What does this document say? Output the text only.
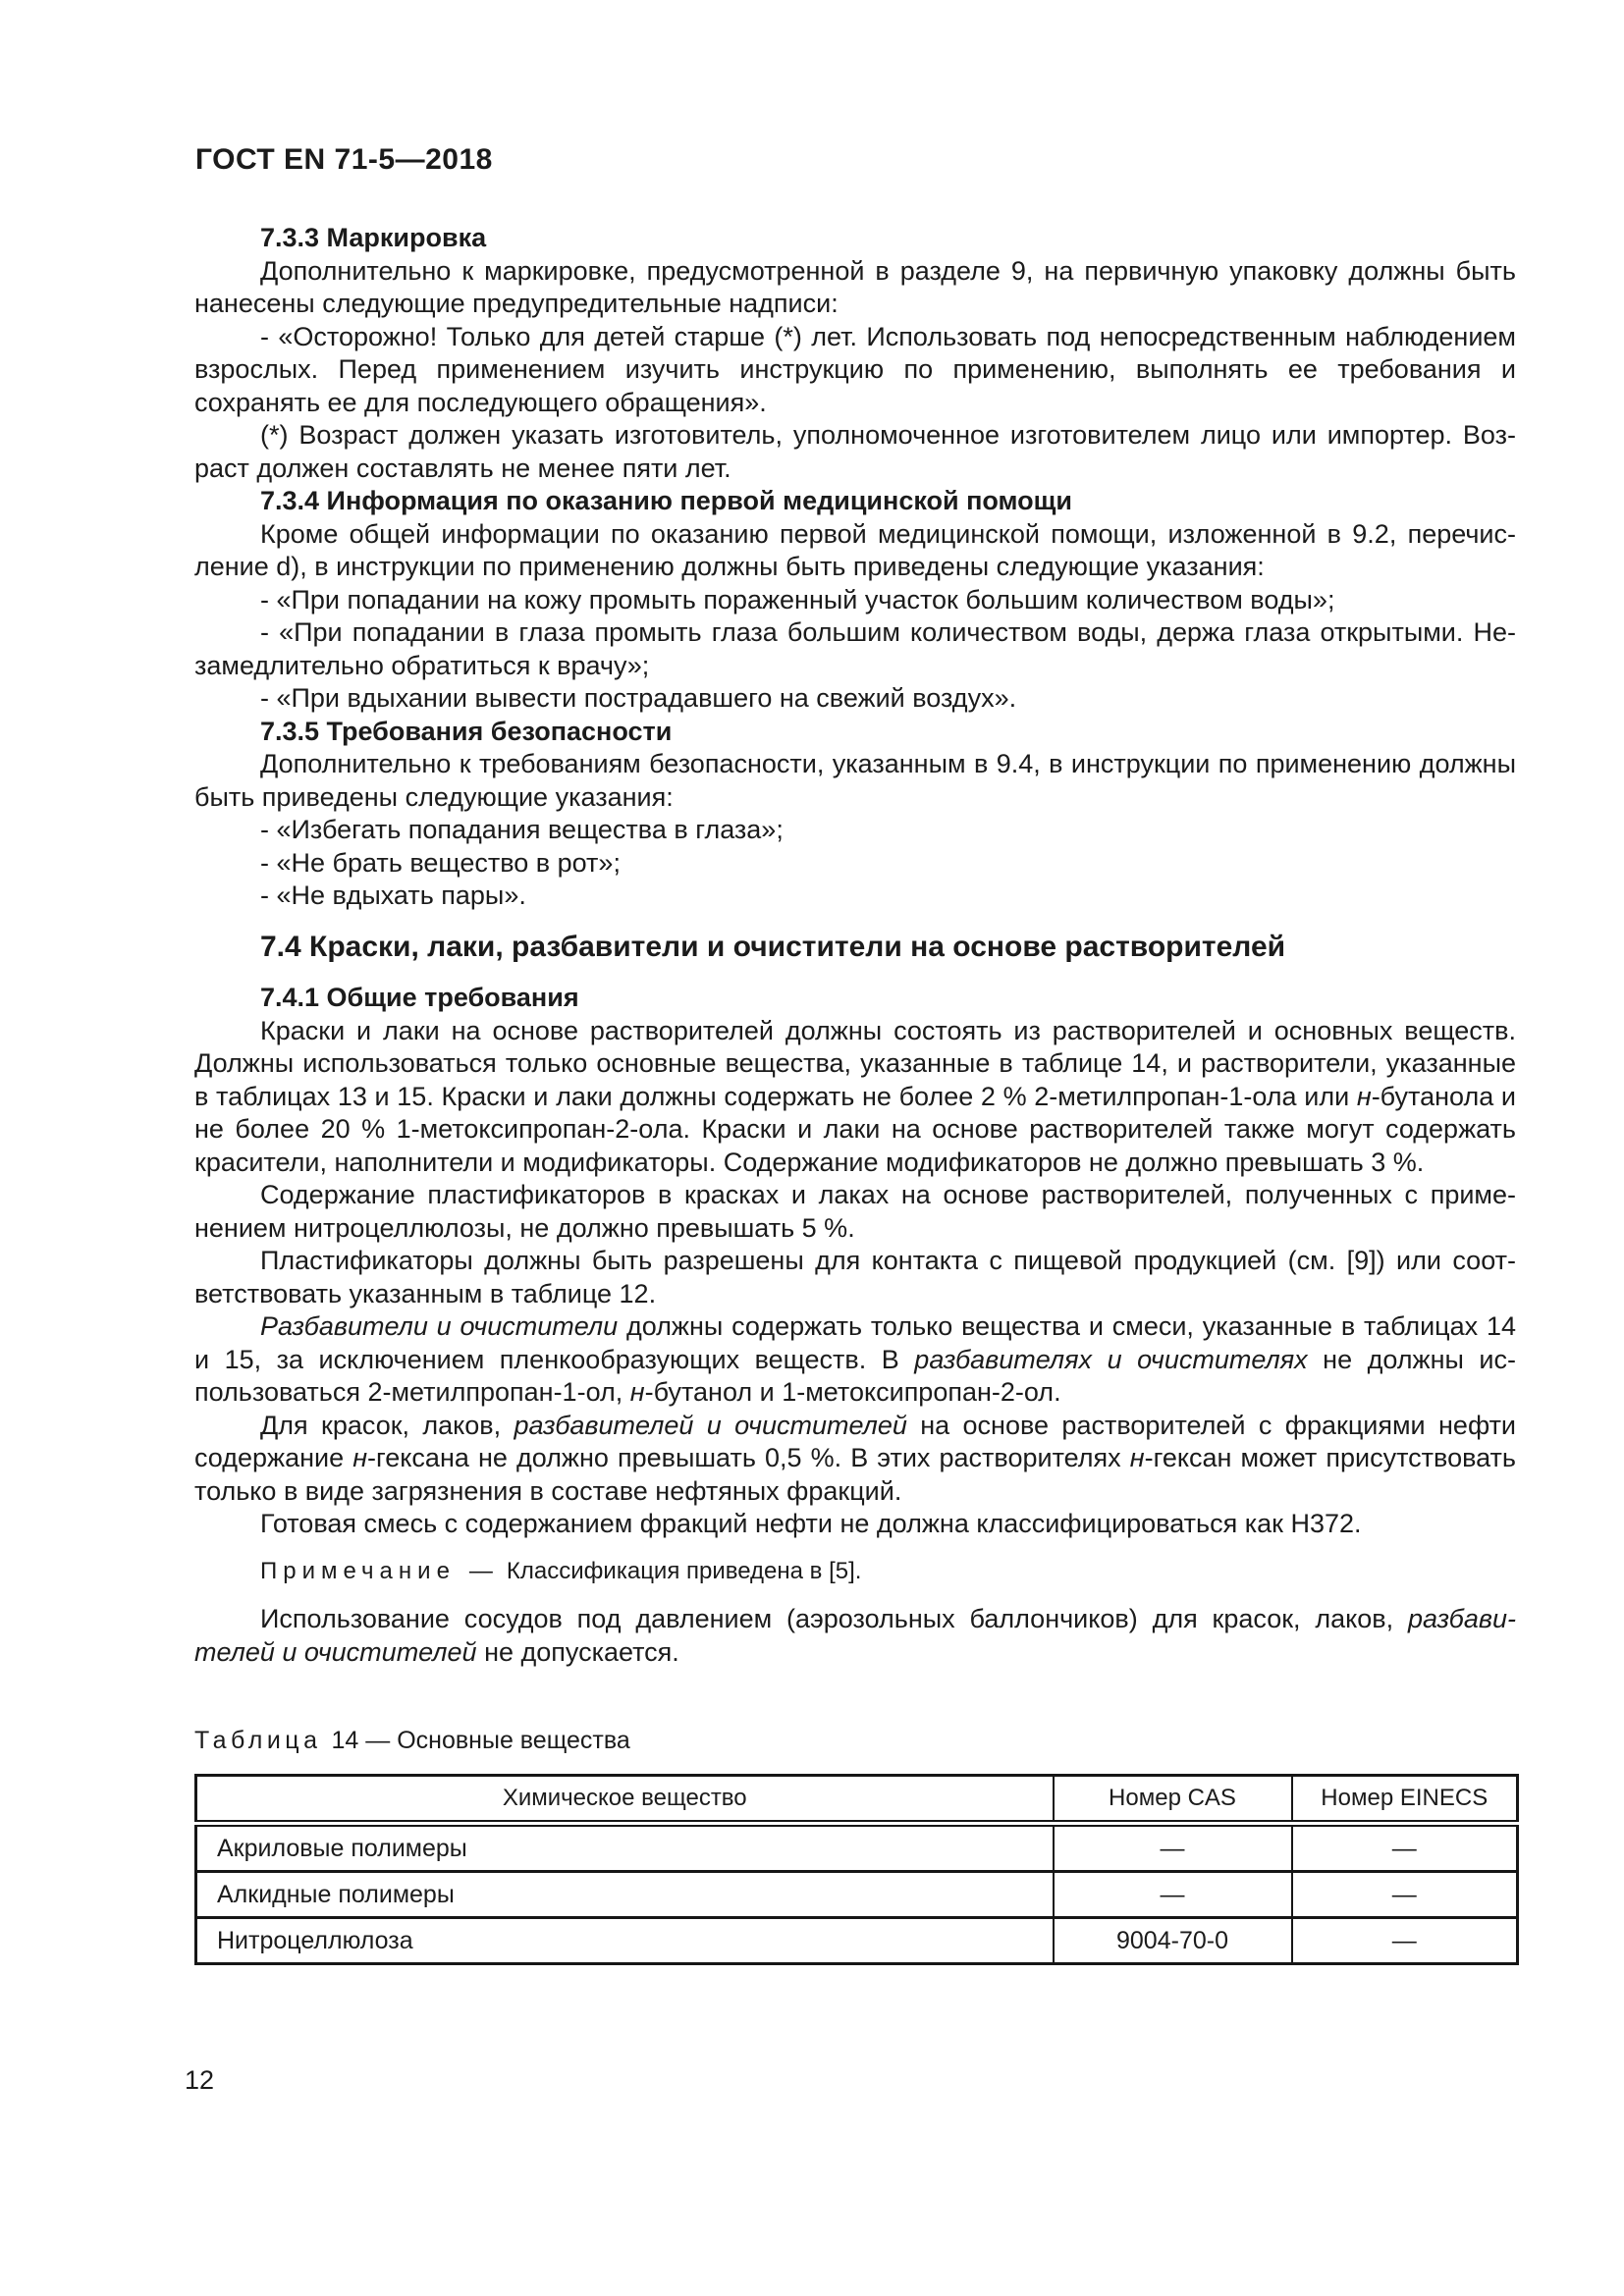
ГОСТ EN 71-5—2018
7.3.3 Маркировка

Дополнительно к маркировке, предусмотренной в разделе 9, на первичную упаковку должны быть нанесены следующие предупредительные надписи:

- «Осторожно! Только для детей старше (*) лет. Использовать под непосредственным наблюдением взрослых. Перед применением изучить инструкцию по применению, выполнять ее требования и сохранять ее для последующего обращения».

(*) Возраст должен указать изготовитель, уполномоченное изготовителем лицо или импортер. Возраст должен составлять не менее пяти лет.

7.3.4 Информация по оказанию первой медицинской помощи

Кроме общей информации по оказанию первой медицинской помощи, изложенной в 9.2, перечисление d), в инструкции по применению должны быть приведены следующие указания:

- «При попадании на кожу промыть пораженный участок большим количеством воды»;

- «При попадании в глаза промыть глаза большим количеством воды, держа глаза открытыми. Незамедлительно обратиться к врачу»;

- «При вдыхании вывести пострадавшего на свежий воздух».

7.3.5 Требования безопасности

Дополнительно к требованиям безопасности, указанным в 9.4, в инструкции по применению должны быть приведены следующие указания:

- «Избегать попадания вещества в глаза»;

- «Не брать вещество в рот»;

- «Не вдыхать пары».

7.4 Краски, лаки, разбавители и очистители на основе растворителей
7.4.1 Общие требования

Краски и лаки на основе растворителей должны состоять из растворителей и основных веществ. Должны использоваться только основные вещества, указанные в таблице 14, и растворители, указанные в таблицах 13 и 15. Краски и лаки должны содержать не более 2 % 2-метилпропан-1-ола или н-бутанола и не более 20 % 1-метоксипропан-2-ола. Краски и лаки на основе растворителей также могут содержать красители, наполнители и модификаторы. Содержание модификаторов не должно превышать 3 %.

Содержание пластификаторов в красках и лаках на основе растворителей, полученных с применением нитроцеллюлозы, не должно превышать 5 %.

Пластификаторы должны быть разрешены для контакта с пищевой продукцией (см. [9]) или соответствовать указанным в таблице 12.

Разбавители и очистители должны содержать только вещества и смеси, указанные в таблицах 14 и 15, за исключением пленкообразующих веществ. В разбавителях и очистителях не должны использоваться 2-метилпропан-1-ол, н-бутанол и 1-метоксипропан-2-ол.

Для красок, лаков, разбавителей и очистителей на основе растворителей с фракциями нефти содержание н-гексана не должно превышать 0,5 %. В этих растворителях н-гексан может присутствовать только в виде загрязнения в составе нефтяных фракций.

Готовая смесь с содержанием фракций нефти не должна классифицироваться как Н372.

Примечание — Классификация приведена в [5].

Использование сосудов под давлением (аэрозольных баллончиков) для красок, лаков, разбавителей и очистителей не допускается.

Таблица 14 — Основные вещества

Химическое вещество	Номер CAS	Номер EINECS
Акриловые полимеры	—	—
Алкидные полимеры	—	—
Нитроцеллюлоза	9004-70-0	—
12
